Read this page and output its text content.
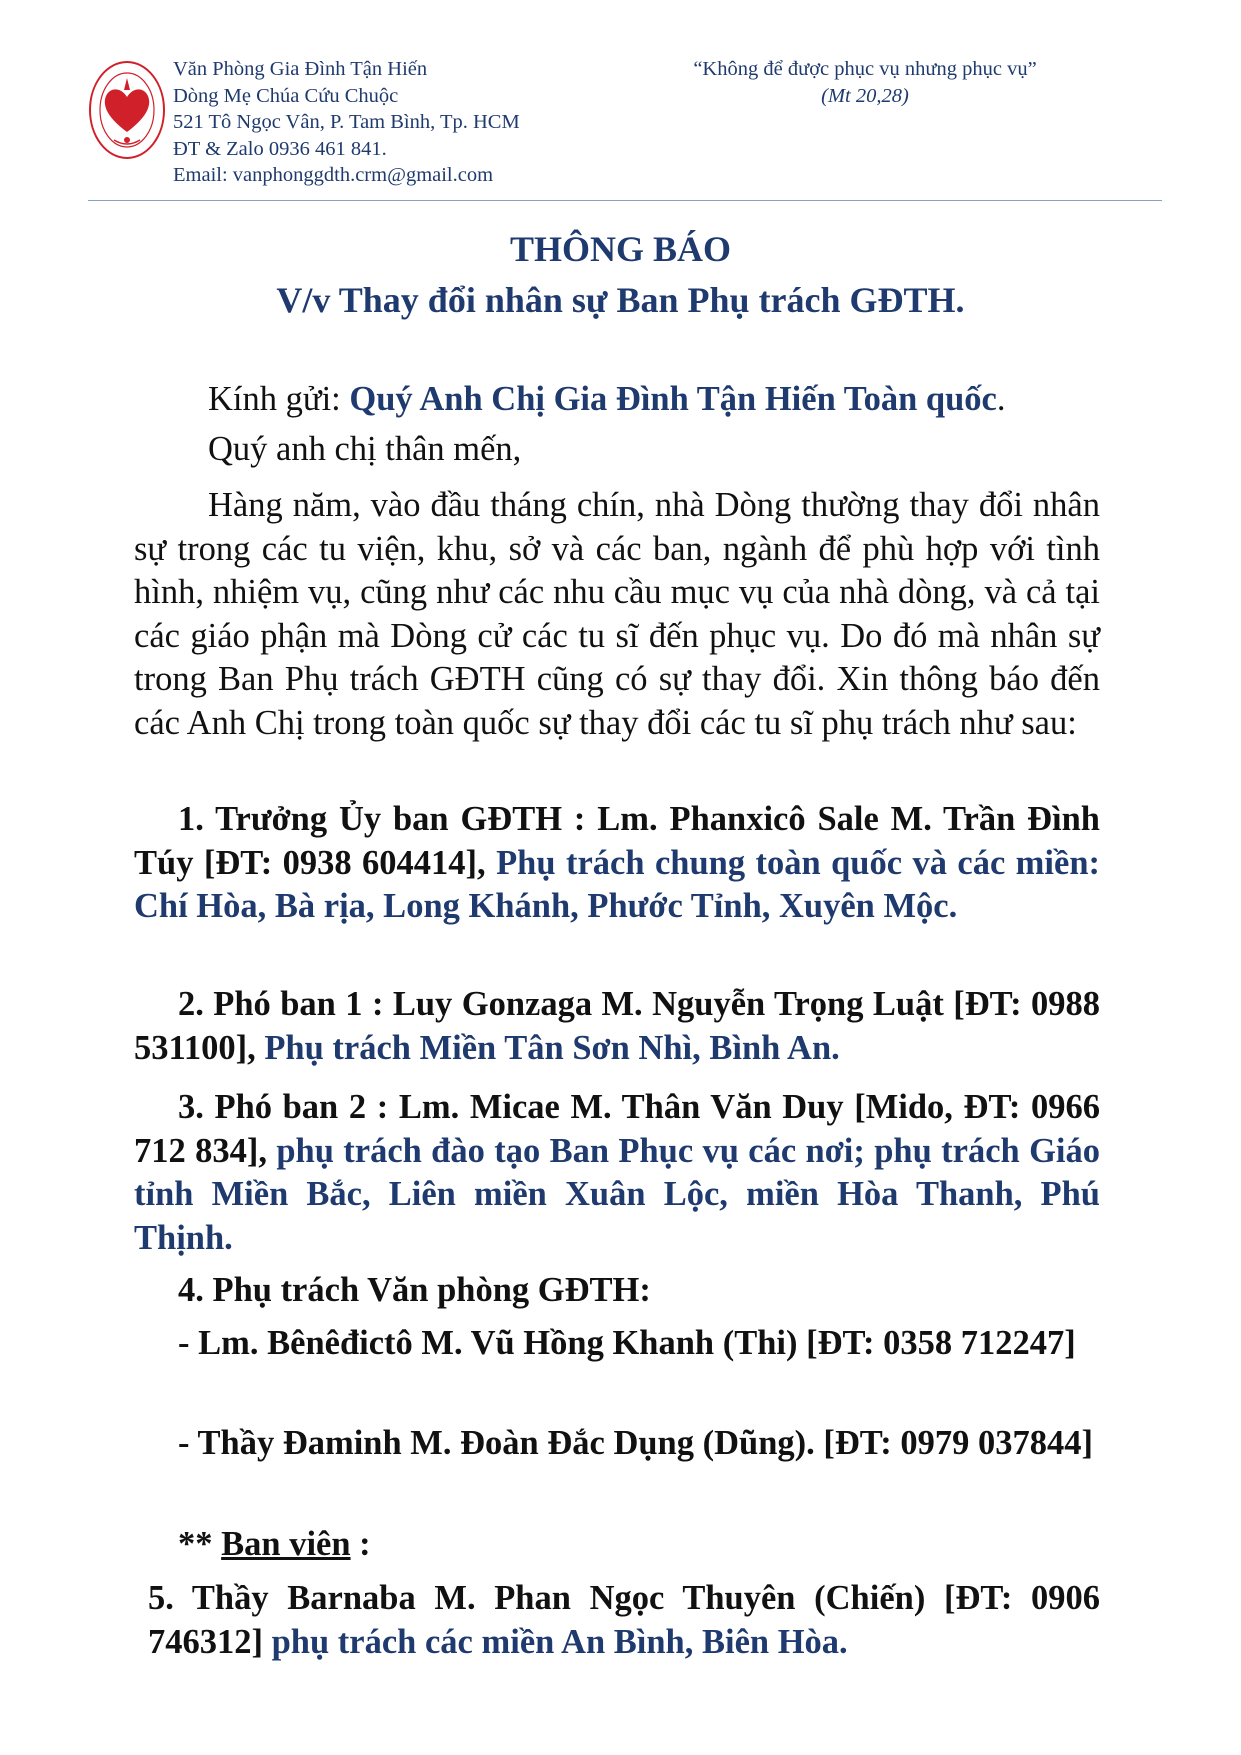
Văn Phòng Gia Đình Tận Hiến
Dòng Mẹ Chúa Cứu Chuộc
521 Tô Ngọc Vân, P. Tam Bình, Tp. HCM
ĐT & Zalo 0936 461 841.
Email: vanphonggdth.crm@gmail.com
“Không để được phục vụ nhưng phục vụ”
(Mt 20,28)
THÔNG BÁO
V/v Thay đổi nhân sự Ban Phụ trách GĐTH.
Kính gửi: Quý Anh Chị Gia Đình Tận Hiến Toàn quốc.
Quý anh chị thân mến,
Hàng năm, vào đầu tháng chín, nhà Dòng thường thay đổi nhân sự trong các tu viện, khu, sở và các ban, ngành để phù hợp với tình hình, nhiệm vụ, cũng như các nhu cầu mục vụ của nhà dòng, và cả tại các giáo phận mà Dòng cử các tu sĩ đến phục vụ. Do đó mà nhân sự trong Ban Phụ trách GĐTH cũng có sự thay đổi. Xin thông báo đến các Anh Chị trong toàn quốc sự thay đổi các tu sĩ phụ trách như sau:
1. Trưởng Ủy ban GĐTH : Lm. Phanxicô Sale M. Trần Đình Túy [ĐT: 0938 604414], Phụ trách chung toàn quốc và các miền: Chí Hòa, Bà rịa, Long Khánh, Phước Tỉnh, Xuyên Mộc.
2. Phó ban 1 : Luy Gonzaga M. Nguyễn Trọng Luật [ĐT: 0988 531100], Phụ trách Miền Tân Sơn Nhì, Bình An.
3. Phó ban 2 : Lm. Micae M. Thân Văn Duy [Mido, ĐT: 0966 712 834], phụ trách đào tạo Ban Phục vụ các nơi; phụ trách Giáo tỉnh Miền Bắc, Liên miền Xuân Lộc, miền Hòa Thanh, Phú Thịnh.
4. Phụ trách Văn phòng GĐTH:
- Lm. Bênêđictô M. Vũ Hồng Khanh (Thi) [ĐT: 0358 712247]
- Thầy Đaminh M. Đoàn Đắc Dụng (Dũng). [ĐT: 0979 037844]
** Ban viên :
5. Thầy Barnaba M. Phan Ngọc Thuyên (Chiến) [ĐT: 0906 746312] phụ trách các miền An Bình, Biên Hòa.
